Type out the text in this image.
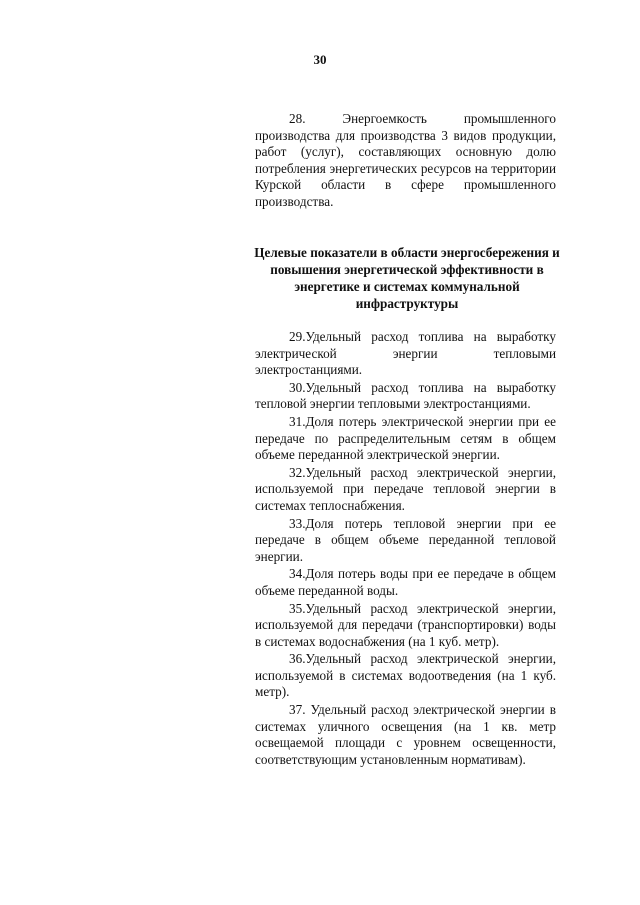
30

28. Энергоемкость промышленного производства для производства 3 видов продукции, работ (услуг), составляющих основную долю потребления энергетических ресурсов на территории Курской области в сфере промышленного производства.

Целевые показатели в области энергосбережения и повышения энергетической эффективности в энергетике и системах коммунальной инфраструктуры

29.Удельный расход топлива на выработку электрической энергии тепловыми электростанциями.

30.Удельный расход топлива на выработку тепловой энергии тепловыми электростанциями.

31.Доля потерь электрической энергии при ее передаче по распределительным сетям в общем объеме переданной электрической энергии.

32.Удельный расход электрической энергии, используемой при передаче тепловой энергии в системах теплоснабжения.

33.Доля потерь тепловой энергии при ее передаче в общем объеме переданной тепловой энергии.

34.Доля потерь воды при ее передаче в общем объеме переданной воды.

35.Удельный расход электрической энергии, используемой для передачи (транспортировки) воды в системах водоснабжения (на 1 куб. метр).

36.Удельный расход электрической энергии, используемой в системах водоотведения (на 1 куб. метр).

37. Удельный расход электрической энергии в системах уличного освещения (на 1 кв. метр освещаемой площади с уровнем освещенности, соответствующим установленным нормативам).
